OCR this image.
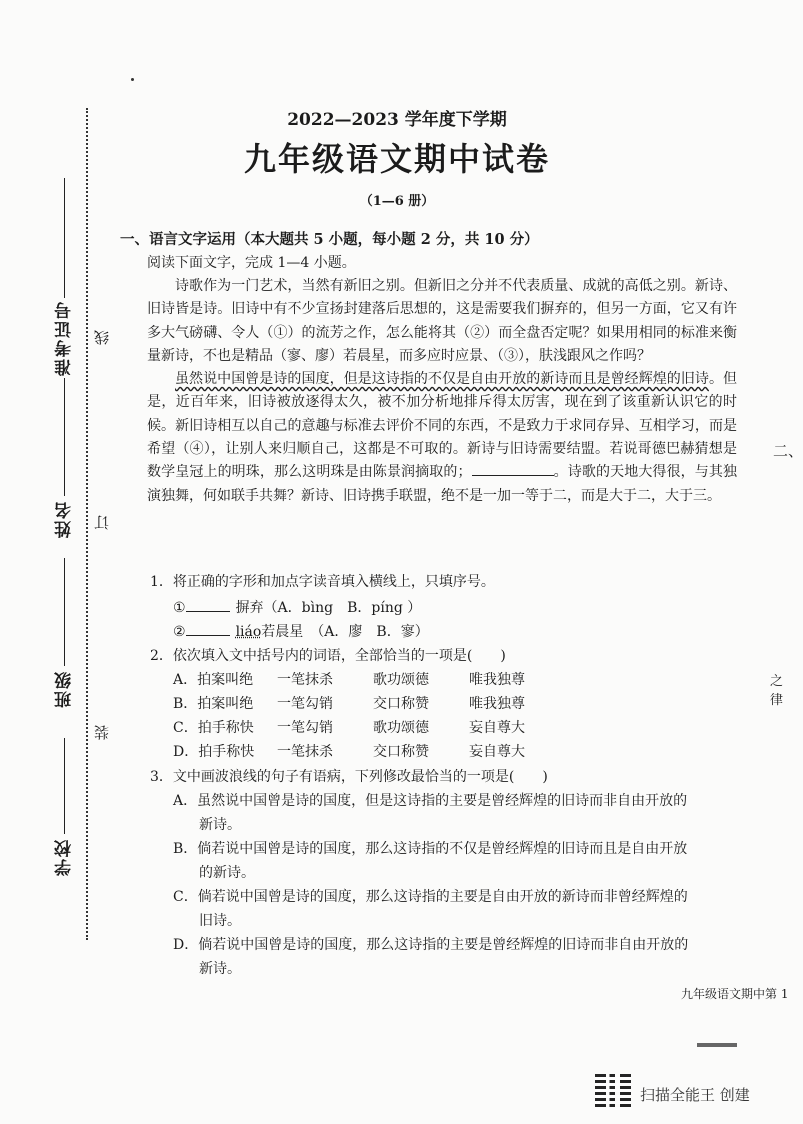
准考证号
姓名
班级
学校
线
订
装
2022—2023 学年度下学期
九年级语文期中试卷
（1—6 册）
一、语言文字运用（本大题共 5 小题，每小题 2 分，共 10 分）
阅读下面文字，完成 1—4 小题。

诗歌作为一门艺术，当然有新旧之别。但新旧之分并不代表质量、成就的高低之别。新诗、旧诗皆是诗。旧诗中有不少宣扬封建落后思想的，这是需要我们摒弃的，但另一方面，它又有许多大气磅礴、令人（①）的流芳之作，怎么能将其（②）而全盘否定呢？如果用相同的标准来衡量新诗，不也是精品（寥、廖）若晨星，而多应时应景、（③），肤浅跟风之作吗？

虽然说中国曾是诗的国度，但是这诗指的不仅是自由开放的新诗而且是曾经辉煌的旧诗。但是，近百年来，旧诗被放逐得太久，被不加分析地排斥得太厉害，现在到了该重新认识它的时候。新旧诗相互以自己的意趣与标准去评价不同的东西，不是致力于求同存异、互相学习，而是希望（④），让别人来归顺自己，这都是不可取的。新诗与旧诗需要结盟。若说哥德巴赫猜想是数学皇冠上的明珠，那么这明珠是由陈景润摘取的；	。诗歌的天地大得很，与其独演独舞，何如联手共舞？新诗、旧诗携手联盟，绝不是一加一等于二，而是大于二，大于三。

1．将正确的字形和加点字读音填入横线上，只填序号。
①	摒弃（A．bìng　B．píng ）
②	liáo若晨星　（A．廖　B．寥）
2．依次填入文中括号内的词语，全部恰当的一项是(　　)
A．拍案叫绝	一笔抹杀	歌功颂德	唯我独尊
B．拍案叫绝	一笔勾销	交口称赞	唯我独尊
C．拍手称快	一笔勾销	歌功颂德	妄自尊大
D．拍手称快	一笔抹杀	交口称赞	妄自尊大
3．文中画波浪线的句子有语病，下列修改最恰当的一项是(　　)
A．虽然说中国曾是诗的国度，但是这诗指的主要是曾经辉煌的旧诗而非自由开放的
新诗。
B．倘若说中国曾是诗的国度，那么这诗指的不仅是曾经辉煌的旧诗而且是自由开放
的新诗。
C．倘若说中国曾是诗的国度，那么这诗指的主要是自由开放的新诗而非曾经辉煌的
旧诗。
D．倘若说中国曾是诗的国度，那么这诗指的主要是曾经辉煌的旧诗而非自由开放的
新诗。
二、
之律
九年级语文期中第 1
扫描全能王 创建
